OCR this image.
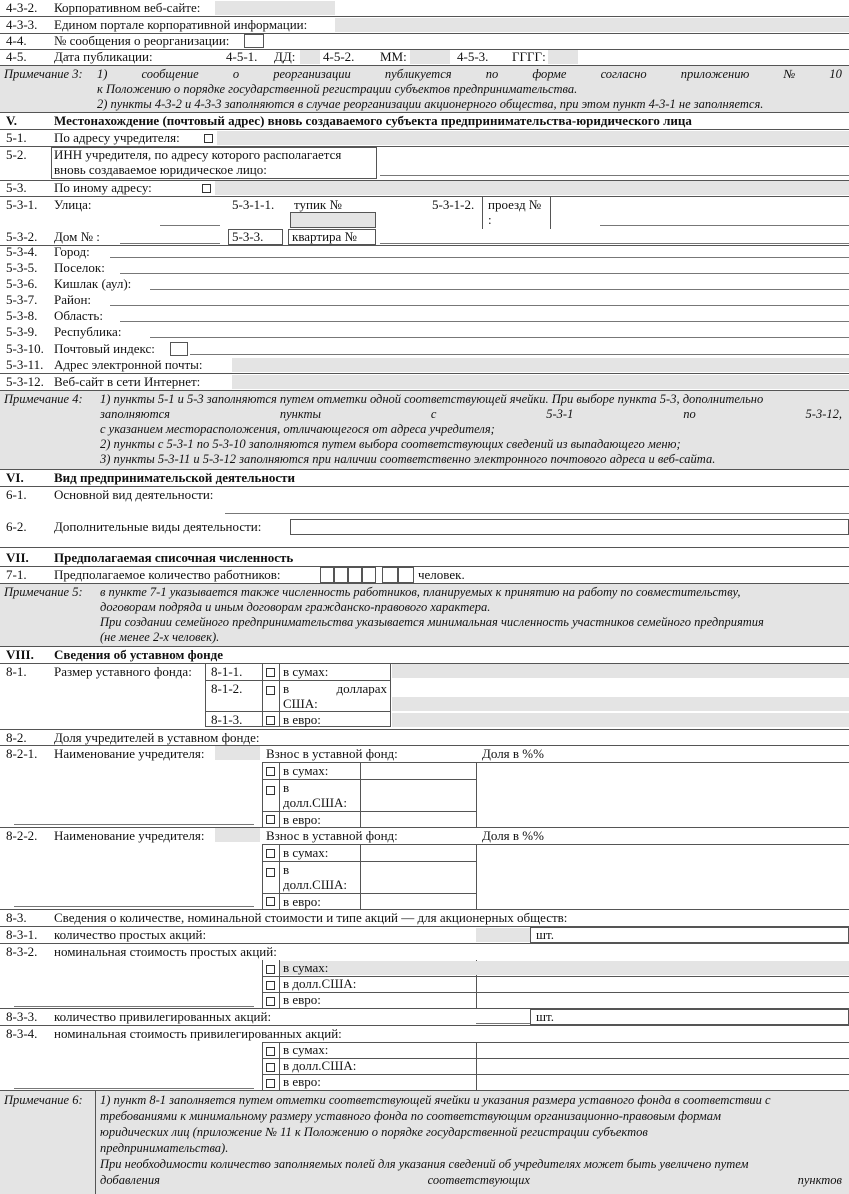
4-3-2. Корпоративном веб-сайте:
4-3-3. Едином портале корпоративной информации:
4-4. № сообщения о реорганизации:
4-5. Дата публикации:	4-5-1. ДД: 4-5-2. ММ:	4-5-3. ГГГГ:
Примечание 3: 1)	сообщение	о	реорганизации	публикуется	по	форме	согласно	приложению	№	10
к Положению о порядке государственной регистрации субъектов предпринимательства.
2) пункты 4-3-2 и 4-3-3 заполняются в случае реорганизации акционерного общества, при этом пункт 4-3-1 не заполняется.
V.	Местонахождение (почтовый адрес) вновь создаваемого субъекта предпринимательства-юридического лица
5-1. По адресу учредителя:
5-2. ИНН учредителя, по адресу которого располагается
вновь создаваемое юридическое лицо:
5-3. По иному адресу:
5-3-1. Улица:	5-3-1-1. тупик №	5-3-1-2. проезд №
:
5-3-2. Дом № :	5-3-3. квартира №
5-3-4. Город:
5-3-5. Поселок:
5-3-6. Кишлак (аул):
5-3-7. Район:
5-3-8. Область:
5-3-9. Республика:
5-3-10. Почтовый индекс:
5-3-11. Адрес электронной почты:
5-3-12. Веб-сайт в сети Интернет:
Примечание 4: 1) пункты 5-1 и 5-3 заполняются путем отметки одной соответствующей ячейки. При выборе пункта 5-3, дополнительно
заполняются	пункты	с	5-3-1	по	5-3-12,
с указанием месторасположения, отличающегося от адреса учредителя;
2) пункты с 5-3-1 по 5-3-10 заполняются путем выбора соответствующих сведений из выпадающего меню;
3) пункты 5-3-11 и 5-3-12 заполняются при наличии соответственно электронного почтового адреса и веб-сайта.
VI. Вид предпринимательской деятельности
6-1. Основной вид деятельности:
6-2. Дополнительные виды деятельности:
VII. Предполагаемая списочная численность
7-1. Предполагаемое количество работников:	человек.
Примечание 5: в пункте 7-1 указывается также численность работников, планируемых к принятию на работу по совместительству,
договорам подряда и иным договорам гражданско-правового характера.
При создании семейного предпринимательства указывается минимальная численность участников семейного предприятия
(не менее 2-х человек).
VIII. Сведения об уставном фонде
8-1. Размер уставного фонда: 8-1-1.	в сумах:
8-1-2.	в	долларах
США:
8-1-3.	в евро:
8-2. Доля учредителей в уставном фонде:
8-2-1. Наименование учредителя:	Взнос в уставной фонд:	Доля в %%
в сумах:
в
долл.США:
в евро:
8-2-2. Наименование учредителя:	Взнос в уставной фонд:	Доля в %%
в сумах:
в
долл.США:
в евро:
8-3. Сведения о количестве, номинальной стоимости и типе акций — для акционерных обществ:
8-3-1. количество простых акций:	шт.
8-3-2. номинальная стоимость простых акций:
в сумах:
в долл.США:
в евро:
8-3-3. количество привилегированных акций:	шт.
8-3-4. номинальная стоимость привилегированных акций:
в сумах:
в долл.США:
в евро:
Примечание 6: 1) пункт 8-1 заполняется путем отметки соответствующей ячейки и указания размера уставного фонда в соответствии с
требованиями к минимальному размеру уставного фонда по соответствующим организационно-правовым формам
юридических лиц (приложение № 11 к Положению о порядке государственной регистрации субъектов
предпринимательства).
При необходимости количество заполняемых полей для указания сведений об учредителях может быть увеличено путем
добавления	соответствующих	пунктов
